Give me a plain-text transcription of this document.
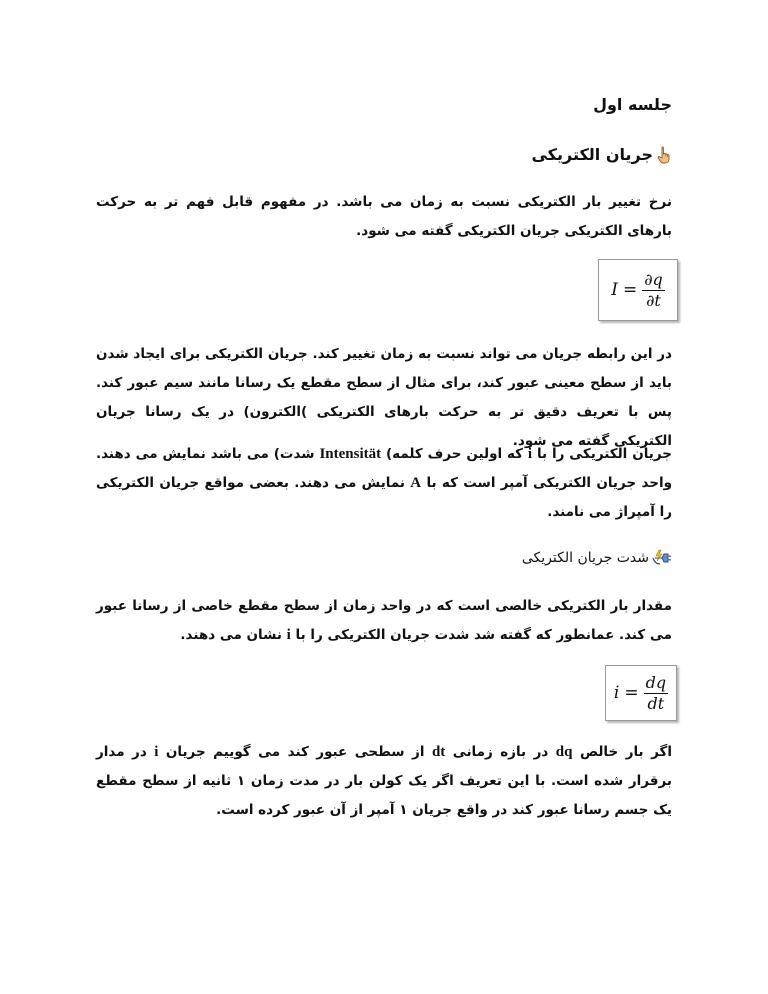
جلسه اول
جریان الکتریکی
نرخ تغییر بار الکتریکی نسبت به زمان می باشد. در مفهوم قابل فهم تر به حرکت بارهای الکتریکی جریان الکتریکی گفته می شود.
$I = \frac{\partial q}{\partial t}$
در این رابطه جریان می تواند نسبت به زمان تغییر کند. جریان الکتریکی برای ایجاد شدن باید از سطح معینی عبور کند، برای مثال از سطح مقطع یک رسانا مانند سیم عبور کند. پس با تعریف دقیق تر به حرکت بارهای الکتریکی )الکترون) در یک رسانا جریان الکتریکی گفته می شود.
جریان الکتریکی را با i که اولین حرف کلمه) Intensität شدت) می باشد نمایش می دهند. واحد جریان الکتریکی آمپر است که با A نمایش می دهند. بعضی مواقع جریان الکتریکی را آمپراژ می نامند.
شدت جریان الکتریکی
مقدار بار الکتریکی خالصی است که در واحد زمان از سطح مقطع خاصی از رسانا عبور می کند. عمانطور که گفته شد شدت جریان الکتریکی را با i نشان می دهند.
$i = \frac{dq}{dt}$
اگر بار خالص dq در بازه زمانی dt از سطحی عبور کند می گوییم جریان i در مدار برقرار شده است. با این تعریف اگر یک کولن بار در مدت زمان ۱ ثانیه از سطح مقطع یک جسم رسانا عبور کند در واقع جریان ۱ آمپر از آن عبور کرده است.
